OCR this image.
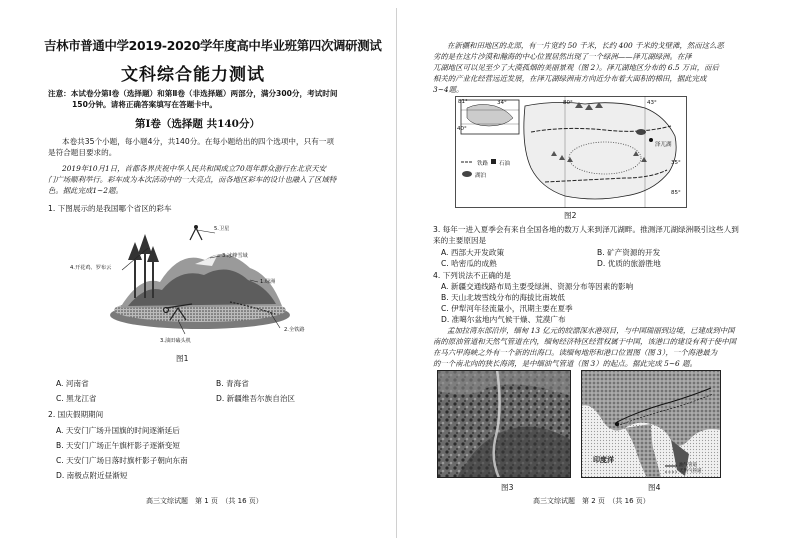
吉林市普通中学2019-2020学年度高中毕业班第四次调研测试
文科综合能力测试
注意：本试卷分第Ⅰ卷（选择题）和第Ⅱ卷（非选择题）两部分，满分300分，考试时间
150分钟。请将正确答案填写在答题卡中。
第Ⅰ卷（选择题 共140分）
本卷共35个小题，每小题4分，共140分。在每小题给出的四个选项中，只有一项
是符合题目要求的。
2019年10月1日，首都各界庆祝中华人民共和国成立70周年群众游行在北京天安
门广场顺利举行。彩车成为本次活动中的一大亮点，而各地区彩车的设计也融入了区域特
色。据此完成1~2题。
1. 下图展示的是我国哪个省区的彩车
5.卫星
4.开花鸡、罗布云
3.冰峰雪域
1.绿洲
2.全铁路
3.油田磕头机
图1
A. 河南省	B. 青海省
C. 黑龙江省	D. 新疆维吾尔族自治区
2. 国庆假期期间
A. 天安门广场升国旗的时间逐渐延后
B. 天安门广场正午旗杆影子逐渐变短
C. 天安门广场日落时旗杆影子朝向东南
D. 南极点附近昼渐短
高三文综试题　第 1 页　（共 16 页）
在新疆和田地区的北部，有一片宽约 50 千米，长约 400 千米的戈壁滩，然而这么恶
劣的是在这片沙漠和瀚海的中心位置居然出现了一个绿洲——泽兀湖绿洲。在泽
兀湖地区可以见至少了大漠孤烟的美丽景观（图 2）。泽兀湖地区分布的 6.5 万亩，而后
相关的产业化经营远近发展，在泽兀湖绿洲南方向近分布着大面积的棉田，据此完成
3~4题。
81°	34°	43°
40°
80°
35°
85°
泽兀湖
铁路 石油
湖泊
图2
3. 每年一进入夏季会有来自全国各地的数万人来到泽兀湖畔。推测泽兀湖绿洲吸引这些人到
来的主要原因是
A. 西部大开发政策	B. 矿产资源的开发
C. 哈密瓜的成熟	D. 优质的旅游胜地
4. 下列说法不正确的是
A. 新疆交通线路布局主要受绿洲、资源分布等因素的影响
B. 天山北坡雪线分布的海拔比南坡低
C. 伊犁河年径流量小，汛期主要在夏季
D. 准噶尔盆地内气候干燥、荒漠广布
孟加拉湾东部沿岸，缅甸 13 亿元的皎漂深水港项目，与中国瑞丽到边境，已建成到中国
南的原油管道和天然气管道在内，缅甸经济特区经营权属于中国，该港口的建设有利于使中国
在马六甲海峡之外有一个新的出海口。读缅甸地形和港口位置图（图 3），一个海港最为
的一个南北向的狭长海湾，是中缅油气管道（图 3）的起点。据此完成 5~6 题。
图3
印度洋
油气管道
天然气管道
图4
高三文综试题　第 2 页　（共 16 页）
